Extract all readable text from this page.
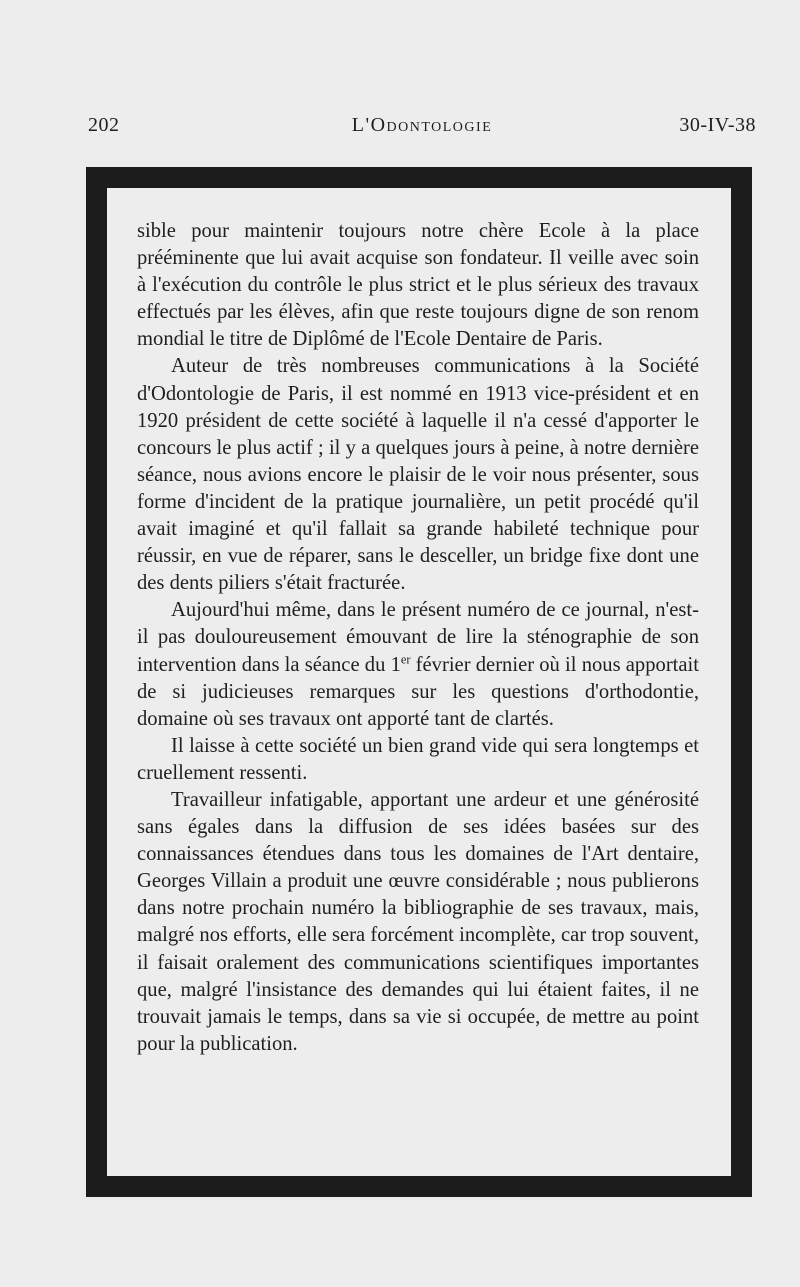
202	L'Odontologie	30-IV-38

sible pour maintenir toujours notre chère Ecole à la place prééminente que lui avait acquise son fondateur. Il veille avec soin à l'exécution du contrôle le plus strict et le plus sérieux des travaux effectués par les élèves, afin que reste toujours digne de son renom mondial le titre de Diplômé de l'Ecole Dentaire de Paris.

Auteur de très nombreuses communications à la Société d'Odontologie de Paris, il est nommé en 1913 vice-président et en 1920 président de cette société à laquelle il n'a cessé d'apporter le concours le plus actif ; il y a quelques jours à peine, à notre dernière séance, nous avions encore le plaisir de le voir nous présenter, sous forme d'incident de la pratique journalière, un petit procédé qu'il avait imaginé et qu'il fallait sa grande habileté technique pour réussir, en vue de réparer, sans le desceller, un bridge fixe dont une des dents piliers s'était fracturée.

Aujourd'hui même, dans le présent numéro de ce journal, n'est-il pas douloureusement émouvant de lire la sténographie de son intervention dans la séance du 1er février dernier où il nous apportait de si judicieuses remarques sur les questions d'orthodontie, domaine où ses travaux ont apporté tant de clartés.

Il laisse à cette société un bien grand vide qui sera longtemps et cruellement ressenti.

Travailleur infatigable, apportant une ardeur et une générosité sans égales dans la diffusion de ses idées basées sur des connaissances étendues dans tous les domaines de l'Art dentaire, Georges Villain a produit une œuvre considérable ; nous publierons dans notre prochain numéro la bibliographie de ses travaux, mais, malgré nos efforts, elle sera forcément incomplète, car trop souvent, il faisait oralement des communications scientifiques importantes que, malgré l'insistance des demandes qui lui étaient faites, il ne trouvait jamais le temps, dans sa vie si occupée, de mettre au point pour la publication.
